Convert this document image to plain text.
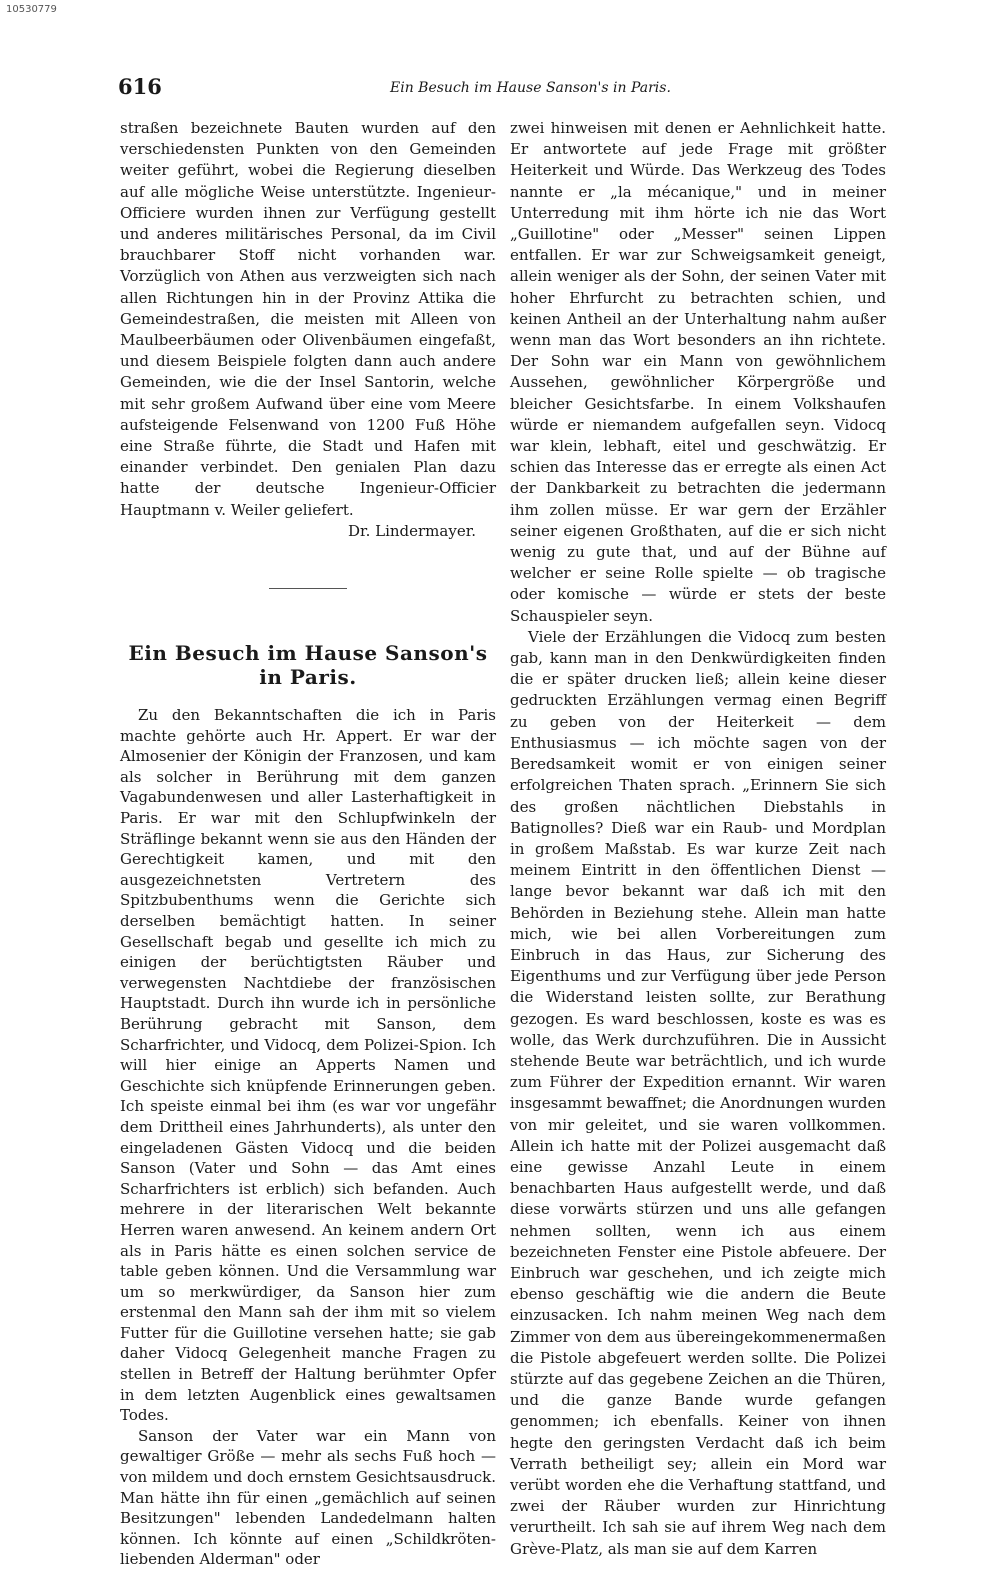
10530779
616	Ein Besuch im Hause Sanson's in Paris.

straßen bezeichnete Bauten wurden auf den verschiedensten Punkten von den Gemeinden weiter geführt, wobei die Regierung dieselben auf alle mögliche Weise unterstützte. Ingenieur-Officiere wurden ihnen zur Verfügung gestellt und anderes militärisches Personal, da im Civil brauchbarer Stoff nicht vorhanden war. Vorzüglich von Athen aus verzweigten sich nach allen Richtungen hin in der Provinz Attika die Gemeindestraßen, die meisten mit Alleen von Maulbeerbäumen oder Olivenbäumen eingefaßt, und diesem Beispiele folgten dann auch andere Gemeinden, wie die der Insel Santorin, welche mit sehr großem Aufwand über eine vom Meere aufsteigende Felsenwand von 1200 Fuß Höhe eine Straße führte, die Stadt und Hafen mit einander verbindet. Den genialen Plan dazu hatte der deutsche Ingenieur-Officier Hauptmann v. Weiler geliefert.

Dr. Lindermayer.

Ein Besuch im Hause Sanson's in Paris.

Zu den Bekanntschaften die ich in Paris machte gehörte auch Hr. Appert. Er war der Almosenier der Königin der Franzosen, und kam als solcher in Berührung mit dem ganzen Vagabundenwesen und aller Lasterhaftigkeit in Paris. Er war mit den Schlupfwinkeln der Sträflinge bekannt wenn sie aus den Händen der Gerechtigkeit kamen, und mit den ausgezeichnetsten Vertretern des Spitzbubenthums wenn die Gerichte sich derselben bemächtigt hatten. In seiner Gesellschaft begab und gesellte ich mich zu einigen der berüchtigtsten Räuber und verwegensten Nachtdiebe der französischen Hauptstadt. Durch ihn wurde ich in persönliche Berührung gebracht mit Sanson, dem Scharfrichter, und Vidocq, dem Polizei-Spion. Ich will hier einige an Apperts Namen und Geschichte sich knüpfende Erinnerungen geben. Ich speiste einmal bei ihm (es war vor ungefähr dem Drittheil eines Jahrhunderts), als unter den eingeladenen Gästen Vidocq und die beiden Sanson (Vater und Sohn — das Amt eines Scharfrichters ist erblich) sich befanden. Auch mehrere in der literarischen Welt bekannte Herren waren anwesend. An keinem andern Ort als in Paris hätte es einen solchen service de table geben können. Und die Versammlung war um so merkwürdiger, da Sanson hier zum erstenmal den Mann sah der ihm mit so vielem Futter für die Guillotine versehen hatte; sie gab daher Vidocq Gelegenheit manche Fragen zu stellen in Betreff der Haltung berühmter Opfer in dem letzten Augenblick eines gewaltsamen Todes.

Sanson der Vater war ein Mann von gewaltiger Größe — mehr als sechs Fuß hoch — von mildem und doch ernstem Gesichtsausdruck. Man hätte ihn für einen „gemächlich auf seinen Besitzungen" lebenden Landedelmann halten können. Ich könnte auf einen „Schildkröten-liebenden Alderman" oder

zwei hinweisen mit denen er Aehnlichkeit hatte. Er antwortete auf jede Frage mit größter Heiterkeit und Würde. Das Werkzeug des Todes nannte er „la mécanique," und in meiner Unterredung mit ihm hörte ich nie das Wort „Guillotine" oder „Messer" seinen Lippen entfallen. Er war zur Schweigsamkeit geneigt, allein weniger als der Sohn, der seinen Vater mit hoher Ehrfurcht zu betrachten schien, und keinen Antheil an der Unterhaltung nahm außer wenn man das Wort besonders an ihn richtete. Der Sohn war ein Mann von gewöhnlichem Aussehen, gewöhnlicher Körpergröße und bleicher Gesichtsfarbe. In einem Volkshaufen würde er niemandem aufgefallen seyn. Vidocq war klein, lebhaft, eitel und geschwätzig. Er schien das Interesse das er erregte als einen Act der Dankbarkeit zu betrachten die jedermann ihm zollen müsse. Er war gern der Erzähler seiner eigenen Großthaten, auf die er sich nicht wenig zu gute that, und auf der Bühne auf welcher er seine Rolle spielte — ob tragische oder komische — würde er stets der beste Schauspieler seyn.

Viele der Erzählungen die Vidocq zum besten gab, kann man in den Denkwürdigkeiten finden die er später drucken ließ; allein keine dieser gedruckten Erzählungen vermag einen Begriff zu geben von der Heiterkeit — dem Enthusiasmus — ich möchte sagen von der Beredsamkeit womit er von einigen seiner erfolgreichen Thaten sprach. „Erinnern Sie sich des großen nächtlichen Diebstahls in Batignolles? Dieß war ein Raub- und Mordplan in großem Maßstab. Es war kurze Zeit nach meinem Eintritt in den öffentlichen Dienst — lange bevor bekannt war daß ich mit den Behörden in Beziehung stehe. Allein man hatte mich, wie bei allen Vorbereitungen zum Einbruch in das Haus, zur Sicherung des Eigenthums und zur Verfügung über jede Person die Widerstand leisten sollte, zur Berathung gezogen. Es ward beschlossen, koste es was es wolle, das Werk durchzuführen. Die in Aussicht stehende Beute war beträchtlich, und ich wurde zum Führer der Expedition ernannt. Wir waren insgesammt bewaffnet; die Anordnungen wurden von mir geleitet, und sie waren vollkommen. Allein ich hatte mit der Polizei ausgemacht daß eine gewisse Anzahl Leute in einem benachbarten Haus aufgestellt werde, und daß diese vorwärts stürzen und uns alle gefangen nehmen sollten, wenn ich aus einem bezeichneten Fenster eine Pistole abfeuere. Der Einbruch war geschehen, und ich zeigte mich ebenso geschäftig wie die andern die Beute einzusacken. Ich nahm meinen Weg nach dem Zimmer von dem aus übereingekommenermaßen die Pistole abgefeuert werden sollte. Die Polizei stürzte auf das gegebene Zeichen an die Thüren, und die ganze Bande wurde gefangen genommen; ich ebenfalls. Keiner von ihnen hegte den geringsten Verdacht daß ich beim Verrath betheiligt sey; allein ein Mord war verübt worden ehe die Verhaftung stattfand, und zwei der Räuber wurden zur Hinrichtung verurtheilt. Ich sah sie auf ihrem Weg nach dem Grève-Platz, als man sie auf dem Karren
